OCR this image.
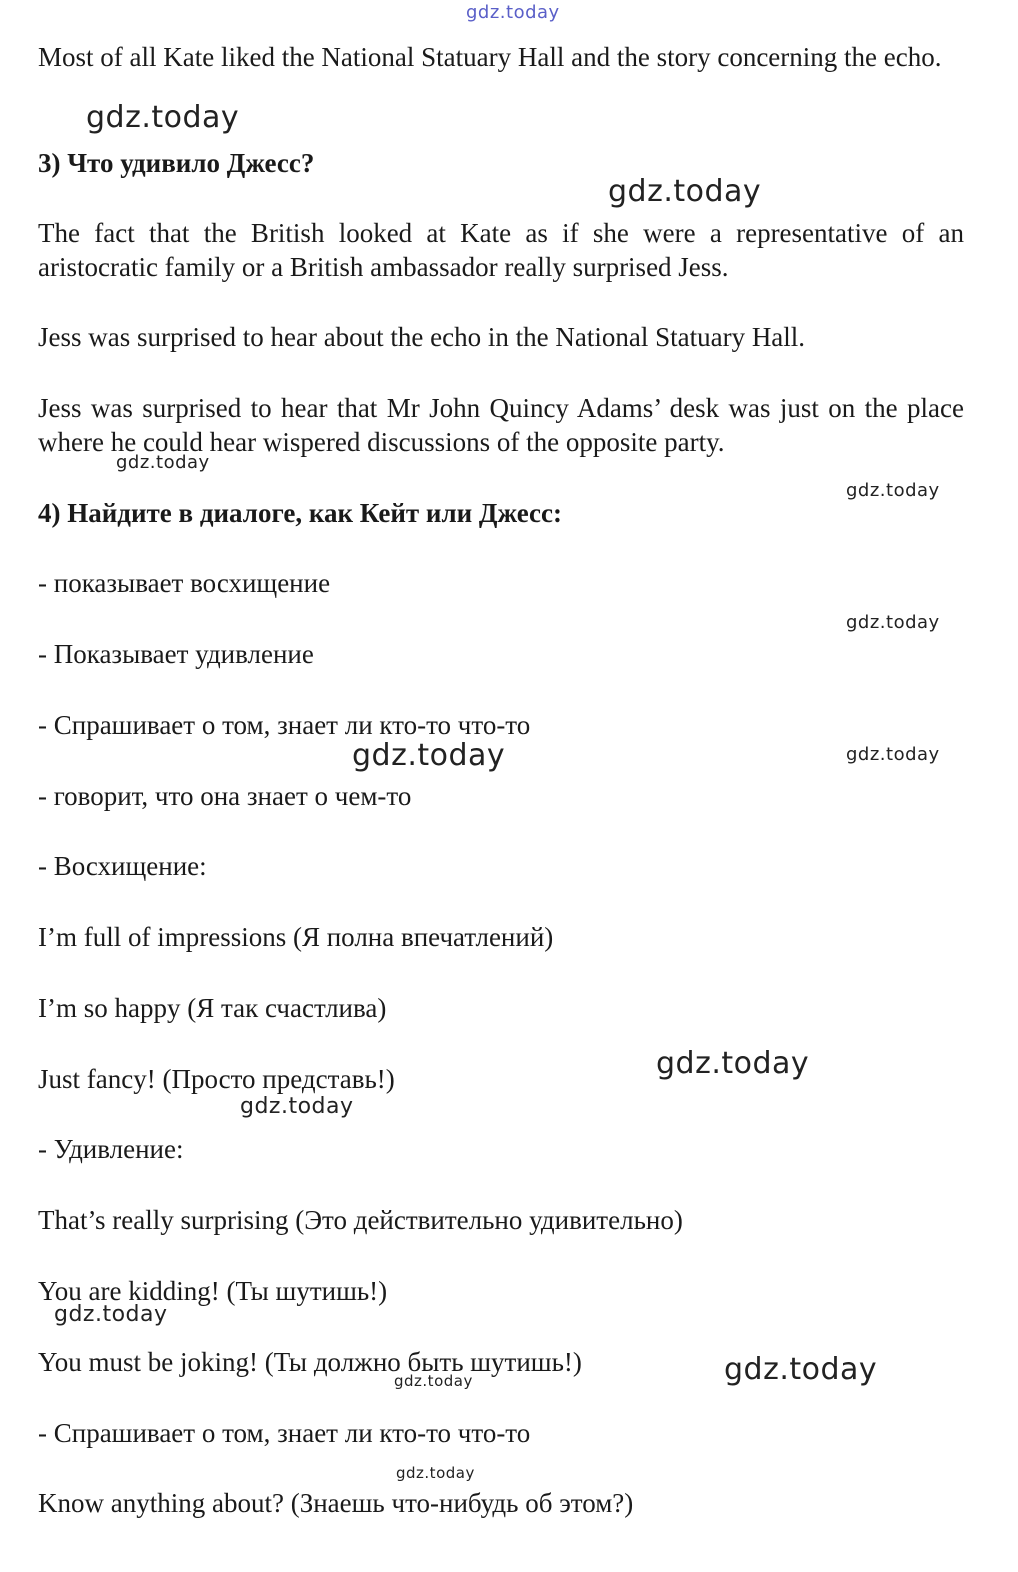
gdz.today

gdz.today

gdz.today

gdz.today

gdz.today

gdz.today

gdz.today	gdz.today

gdz.today

gdz.today

gdz.today

gdz.today

gdz.today

gdz.today

Most of all Kate liked the National Statuary Hall and the story concerning the echo.

3) Что удивило Джесс?

The fact that the British looked at Kate as if she were a representative of an aristocratic family or a British ambassador really surprised Jess.

Jess was surprised to hear about the echo in the National Statuary Hall.

Jess was surprised to hear that Mr John Quincy Adams’ desk was just on the place where he could hear wispered discussions of the opposite party.

4) Найдите в диалоге, как Кейт или Джесс:

- показывает восхищение

- Показывает удивление

- Спрашивает о том, знает ли кто-то что-то

- говорит, что она знает о чем-то

- Восхищение:

I’m full of impressions (Я полна впечатлений)

I’m so happy (Я так счастлива)

Just fancy! (Просто представь!)

- Удивление:

That’s really surprising (Это действительно удивительно)

You are kidding! (Ты шутишь!)

You must be joking! (Ты должно быть шутишь!)

- Спрашивает о том, знает ли кто-то что-то

Know anything about? (Знаешь что-нибудь об этом?)
